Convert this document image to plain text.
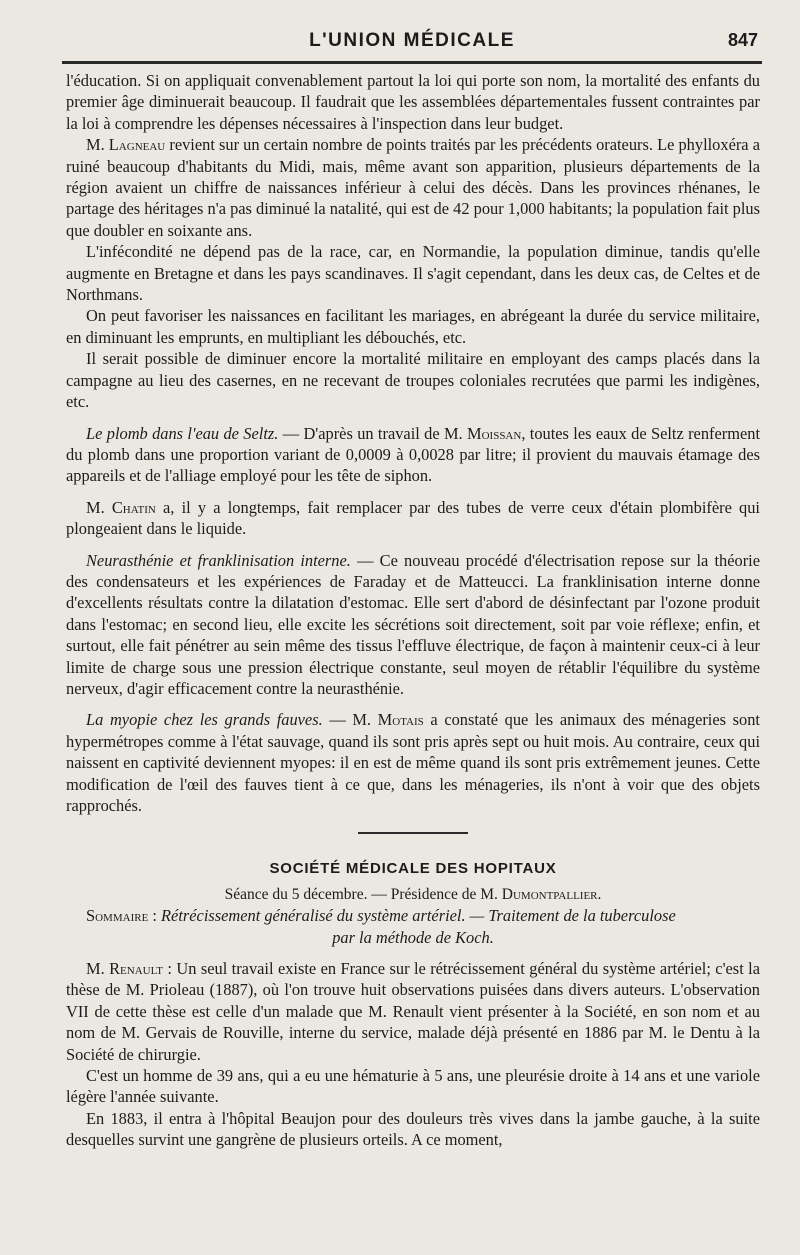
L'UNION MÉDICALE	847

l'éducation. Si on appliquait convenablement partout la loi qui porte son nom, la mortalité des enfants du premier âge diminuerait beaucoup. Il faudrait que les assemblées départementales fussent contraintes par la loi à comprendre les dépenses nécessaires à l'inspection dans leur budget.

M. Lagneau revient sur un certain nombre de points traités par les précédents orateurs. Le phylloxéra a ruiné beaucoup d'habitants du Midi, mais, même avant son apparition, plusieurs départements de la région avaient un chiffre de naissances inférieur à celui des décès. Dans les provinces rhénanes, le partage des héritages n'a pas diminué la natalité, qui est de 42 pour 1,000 habitants; la population fait plus que doubler en soixante ans.

L'infécondité ne dépend pas de la race, car, en Normandie, la population diminue, tandis qu'elle augmente en Bretagne et dans les pays scandinaves. Il s'agit cependant, dans les deux cas, de Celtes et de Northmans.

On peut favoriser les naissances en facilitant les mariages, en abrégeant la durée du service militaire, en diminuant les emprunts, en multipliant les débouchés, etc.

Il serait possible de diminuer encore la mortalité militaire en employant des camps placés dans la campagne au lieu des casernes, en ne recevant de troupes coloniales recrutées que parmi les indigènes, etc.

Le plomb dans l'eau de Seltz. — D'après un travail de M. Moissan, toutes les eaux de Seltz renferment du plomb dans une proportion variant de 0,0009 à 0,0028 par litre; il provient du mauvais étamage des appareils et de l'alliage employé pour les tête de siphon.

M. Chatin a, il y a longtemps, fait remplacer par des tubes de verre ceux d'étain plombifère qui plongeaient dans le liquide.

Neurasthénie et franklinisation interne. — Ce nouveau procédé d'électrisation repose sur la théorie des condensateurs et les expériences de Faraday et de Matteucci. La franklinisation interne donne d'excellents résultats contre la dilatation d'estomac. Elle sert d'abord de désinfectant par l'ozone produit dans l'estomac; en second lieu, elle excite les sécrétions soit directement, soit par voie réflexe; enfin, et surtout, elle fait pénétrer au sein même des tissus l'effluve électrique, de façon à maintenir ceux-ci à leur limite de charge sous une pression électrique constante, seul moyen de rétablir l'équilibre du système nerveux, d'agir efficacement contre la neurasthénie.

La myopie chez les grands fauves. — M. Motais a constaté que les animaux des ménageries sont hypermétropes comme à l'état sauvage, quand ils sont pris après sept ou huit mois. Au contraire, ceux qui naissent en captivité deviennent myopes: il en est de même quand ils sont pris extrêmement jeunes. Cette modification de l'œil des fauves tient à ce que, dans les ménageries, ils n'ont à voir que des objets rapprochés.

SOCIÉTÉ MÉDICALE DES HOPITAUX
Séance du 5 décembre. — Présidence de M. Dumontpallier.

Sommaire : Rétrécissement généralisé du système artériel. — Traitement de la tuberculose

par la méthode de Koch.

M. Renault : Un seul travail existe en France sur le rétrécissement général du système artériel; c'est la thèse de M. Prioleau (1887), où l'on trouve huit observations puisées dans divers auteurs. L'observation VII de cette thèse est celle d'un malade que M. Renault vient présenter à la Société, en son nom et au nom de M. Gervais de Rouville, interne du service, malade déjà présenté en 1886 par M. le Dentu à la Société de chirurgie.

C'est un homme de 39 ans, qui a eu une hématurie à 5 ans, une pleurésie droite à 14 ans et une variole légère l'année suivante.

En 1883, il entra à l'hôpital Beaujon pour des douleurs très vives dans la jambe gauche, à la suite desquelles survint une gangrène de plusieurs orteils. A ce moment,
